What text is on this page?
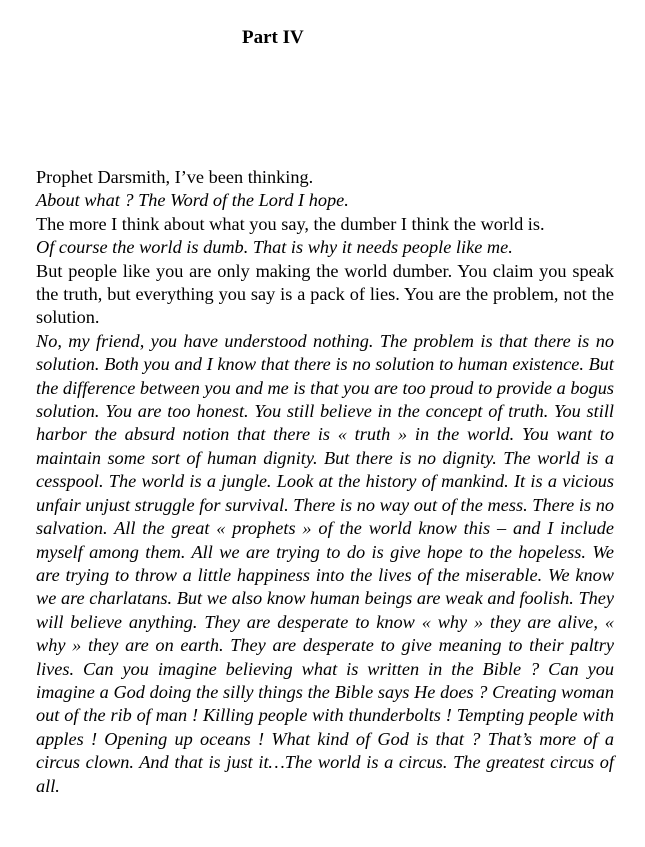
Part IV

Prophet Darsmith, I’ve been thinking.

About what ? The Word of the Lord I hope.

The more I think about what you say, the dumber I think the world is.

Of course the world is dumb. That is why it needs people like me.

But people like you are only making the world dumber. You claim you speak the truth, but everything you say is a pack of lies. You are the problem, not the solution.

No, my friend, you have understood nothing. The problem is that there is no solution. Both you and I know that there is no solution to human existence. But the difference between you and me is that you are too proud to provide a bogus solution. You are too honest. You still believe in the concept of truth. You still harbor the absurd notion that there is « truth » in the world. You want to maintain some sort of human dignity. But there is no dignity. The world is a cesspool. The world is a jungle. Look at the history of mankind. It is a vicious unfair unjust struggle for survival. There is no way out of the mess. There is no salvation. All the great « prophets » of the world know this – and I include myself among them. All we are trying to do is give hope to the hopeless. We are trying to throw a little happiness into the lives of the miserable. We know we are charlatans. But we also know human beings are weak and foolish. They will believe anything. They are desperate to know « why » they are alive, « why » they are on earth. They are desperate to give meaning to their paltry lives. Can you imagine believing what is written in the Bible ? Can you imagine a God doing the silly things the Bible says He does ? Creating woman out of the rib of man ! Killing people with thunderbolts ! Tempting people with apples ! Opening up oceans ! What kind of God is that ? That’s more of a circus clown. And that is just it…The world is a circus. The greatest circus of all.
